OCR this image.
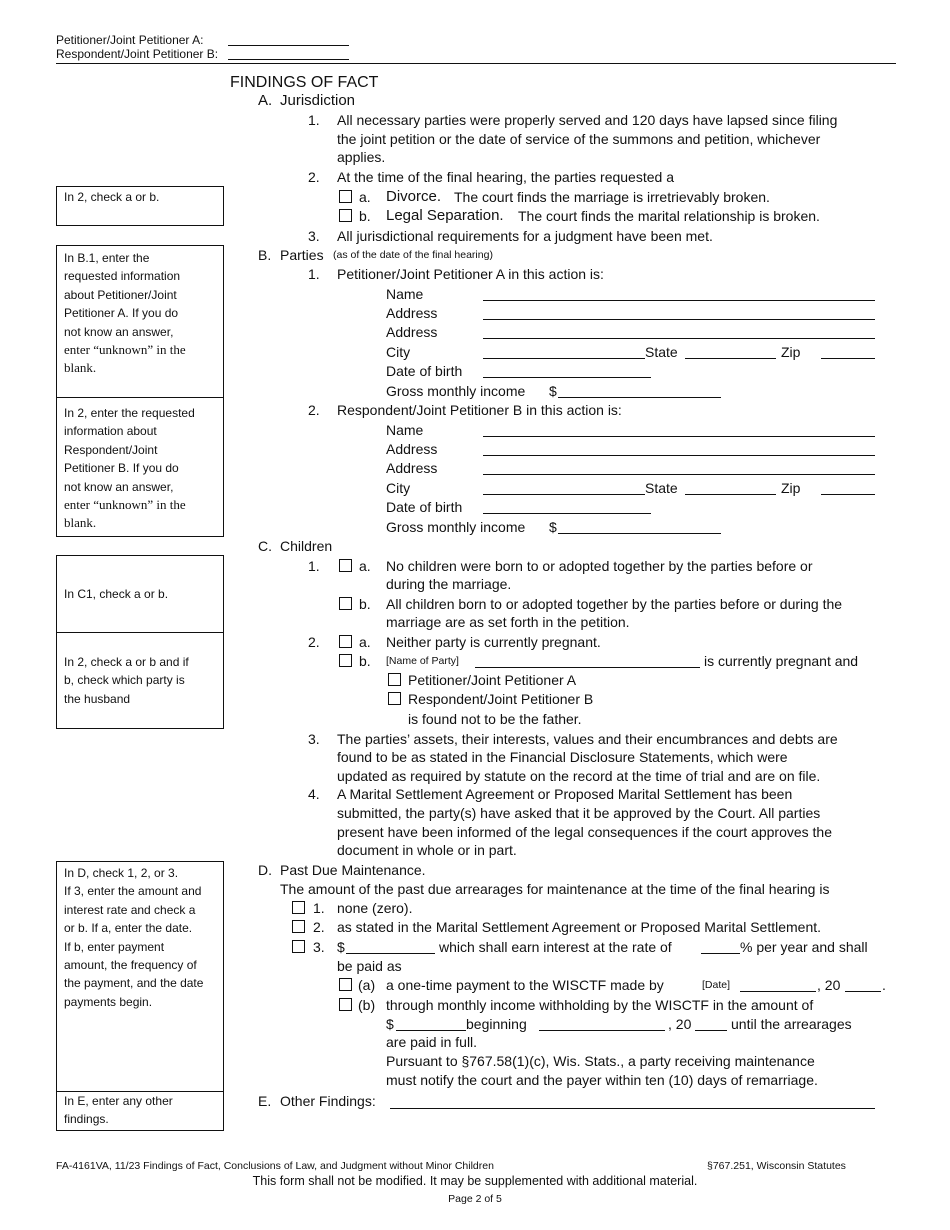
Petitioner/Joint Petitioner A:
Respondent/Joint Petitioner B:
FINDINGS OF FACT
A. Jurisdiction
1. All necessary parties were properly served and 120 days have lapsed since filing
the joint petition or the date of service of the summons and petition, whichever
applies.
2. At the time of the final hearing, the parties requested a
a. Divorce. The court finds the marriage is irretrievably broken.
b. Legal Separation. The court finds the marital relationship is broken.
3. All jurisdictional requirements for a judgment have been met.
B. Parties (as of the date of the final hearing)
1. Petitioner/Joint Petitioner A in this action is:
Name
Address
Address
City	State	Zip
Date of birth
Gross monthly income $
2. Respondent/Joint Petitioner B in this action is:
Name
Address
Address
City	State	Zip
Date of birth
Gross monthly income $
C. Children
1.	a. No children were born to or adopted together by the parties before or
during the marriage.
b. All children born to or adopted together by the parties before or during the
marriage are as set forth in the petition.
2.	a. Neither party is currently pregnant.
b. [Name of Party]	is currently pregnant and
Petitioner/Joint Petitioner A
Respondent/Joint Petitioner B
is found not to be the father.
3. The parties’ assets, their interests, values and their encumbrances and debts are
found to be as stated in the Financial Disclosure Statements, which were
updated as required by statute on the record at the time of trial and are on file.
4. A Marital Settlement Agreement or Proposed Marital Settlement has been
submitted, the party(s) have asked that it be approved by the Court. All parties
present have been informed of the legal consequences if the court approves the
document in whole or in part.
D. Past Due Maintenance.
The amount of the past due arrearages for maintenance at the time of the final hearing is
1. none (zero).
2. as stated in the Marital Settlement Agreement or Proposed Marital Settlement.
3. $	which shall earn interest at the rate of	% per year and shall
be paid as
(a) a one-time payment to the WISCTF made by	[Date]	, 20	.
(b) through monthly income withholding by the WISCTF in the amount of
$	beginning	, 20	until the arrearages
are paid in full.
Pursuant to §767.58(1)(c), Wis. Stats., a party receiving maintenance
must notify the court and the payer within ten (10) days of remarriage.
E. Other Findings:
In 2, check a or b.
In B.1, enter the
requested information
about Petitioner/Joint
Petitioner A. If you do
not know an answer,
enter “unknown” in the
blank.
In 2, enter the requested
information about
Respondent/Joint
Petitioner B. If you do
not know an answer,
enter “unknown” in the
blank.
In C1, check a or b.
In 2, check a or b and if
b, check which party is
the husband
In D, check 1, 2, or 3.
If 3, enter the amount and
interest rate and check a
or b. If a, enter the date.
If b, enter payment
amount, the frequency of
the payment, and the date
payments begin.
In E, enter any other
findings.
FA-4161VA, 11/23 Findings of Fact, Conclusions of Law, and Judgment without Minor Children	§767.251, Wisconsin Statutes
This form shall not be modified. It may be supplemented with additional material.
Page 2 of 5
